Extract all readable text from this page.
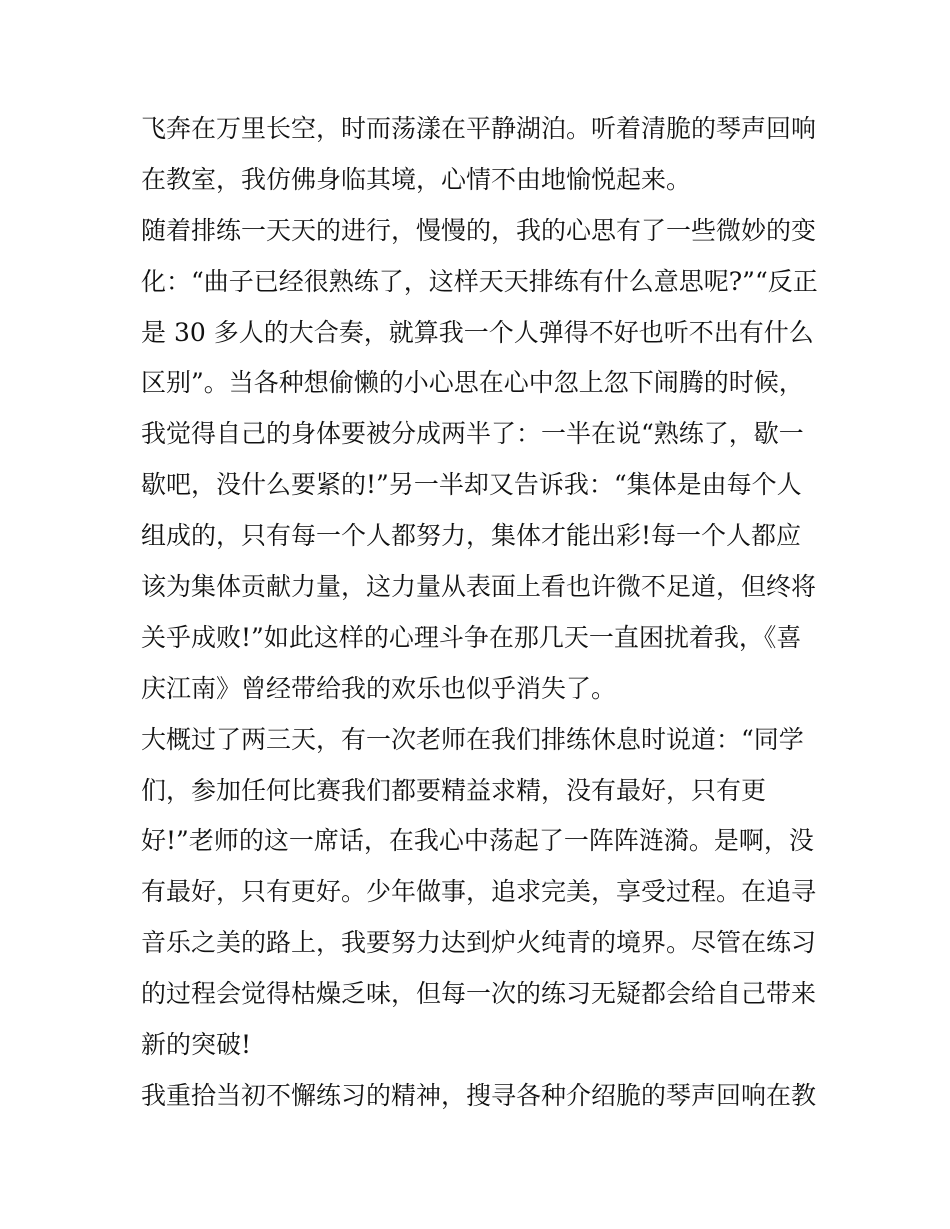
飞奔在万里长空，时而荡漾在平静湖泊。听着清脆的琴声回响
在教室，我仿佛身临其境，心情不由地愉悦起来。
随着排练一天天的进行，慢慢的，我的心思有了一些微妙的变
化：“曲子已经很熟练了，这样天天排练有什么意思呢?”“反正
是 30 多人的大合奏，就算我一个人弹得不好也听不出有什么
区别”。当各种想偷懒的小心思在心中忽上忽下闹腾的时候，
我觉得自己的身体要被分成两半了：一半在说“熟练了，歇一
歇吧，没什么要紧的!”另一半却又告诉我：“集体是由每个人
组成的，只有每一个人都努力，集体才能出彩!每一个人都应
该为集体贡献力量，这力量从表面上看也许微不足道，但终将
关乎成败!”如此这样的心理斗争在那几天一直困扰着我，《喜
庆江南》曾经带给我的欢乐也似乎消失了。
大概过了两三天，有一次老师在我们排练休息时说道：“同学
们，参加任何比赛我们都要精益求精，没有最好，只有更
好!”老师的这一席话，在我心中荡起了一阵阵涟漪。是啊，没
有最好，只有更好。少年做事，追求完美，享受过程。在追寻
音乐之美的路上，我要努力达到炉火纯青的境界。尽管在练习
的过程会觉得枯燥乏味，但每一次的练习无疑都会给自己带来
新的突破!
我重拾当初不懈练习的精神，搜寻各种介绍脆的琴声回响在教
